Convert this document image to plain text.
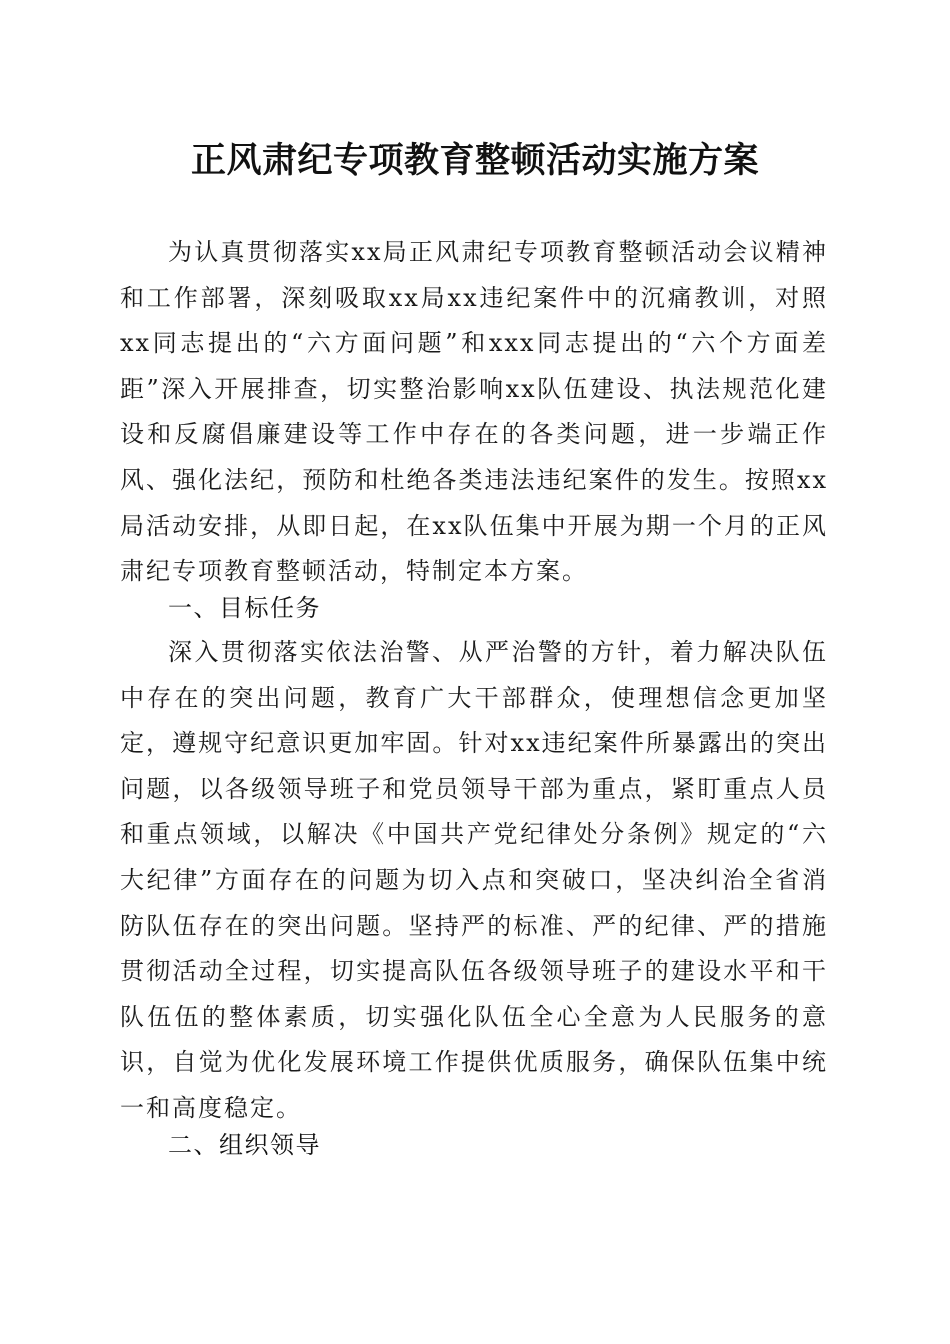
正风肃纪专项教育整顿活动实施方案

为认真贯彻落实xx局正风肃纪专项教育整顿活动会议精神和工作部署，深刻吸取xx局xx违纪案件中的沉痛教训，对照xx同志提出的“六方面问题”和xxx同志提出的“六个方面差距”深入开展排查，切实整治影响xx队伍建设、执法规范化建设和反腐倡廉建设等工作中存在的各类问题，进一步端正作风、强化法纪，预防和杜绝各类违法违纪案件的发生。按照xx局活动安排，从即日起，在xx队伍集中开展为期一个月的正风肃纪专项教育整顿活动，特制定本方案。

一、目标任务

深入贯彻落实依法治警、从严治警的方针，着力解决队伍中存在的突出问题，教育广大干部群众，使理想信念更加坚定，遵规守纪意识更加牢固。针对xx违纪案件所暴露出的突出问题，以各级领导班子和党员领导干部为重点，紧盯重点人员和重点领域，以解决《中国共产党纪律处分条例》规定的“六大纪律”方面存在的问题为切入点和突破口，坚决纠治全省消防队伍存在的突出问题。坚持严的标准、严的纪律、严的措施贯彻活动全过程，切实提高队伍各级领导班子的建设水平和干队伍伍的整体素质，切实强化队伍全心全意为人民服务的意识，自觉为优化发展环境工作提供优质服务，确保队伍集中统一和高度稳定。

二、组织领导
